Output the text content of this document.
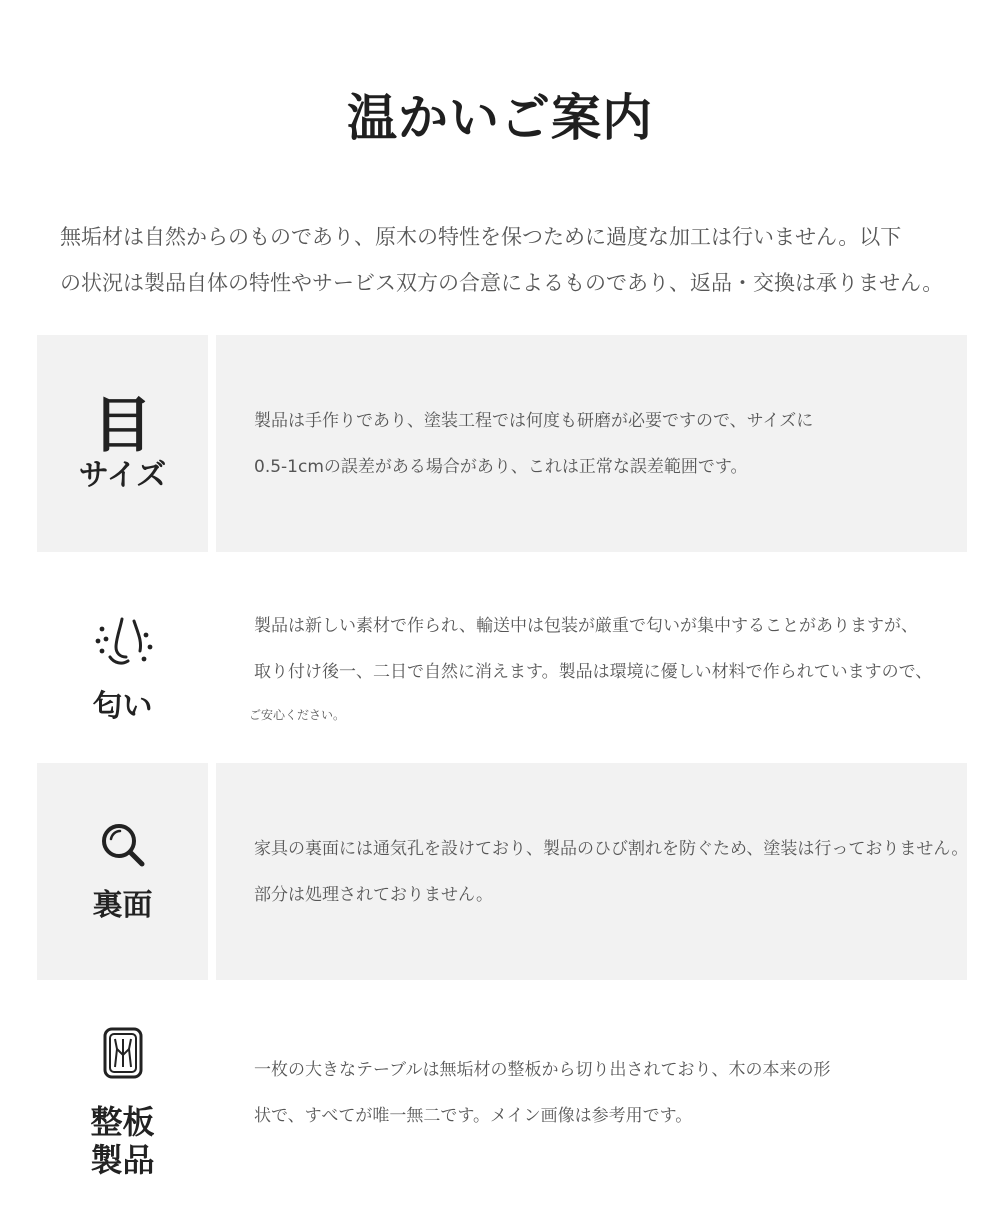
温かいご案内

無垢材は自然からのものであり、原木の特性を保つために過度な加工は行いません。以下

の状況は製品自体の特性やサービス双方の合意によるものであり、返品・交換は承りません。

目
サイズ

製品は手作りであり、塗装工程では何度も研磨が必要ですので、サイズに

0.5-1cmの誤差がある場合があり、これは正常な誤差範囲です。

匂い

製品は新しい素材で作られ、輸送中は包装が厳重で匂いが集中することがありますが、

取り付け後一、二日で自然に消えます。製品は環境に優しい材料で作られていますので、

ご安心ください。

裏面

家具の裏面には通気孔を設けており、製品のひび割れを防ぐため、塗装は行っておりません。

部分は処理されておりません。

整板
製品

一枚の大きなテーブルは無垢材の整板から切り出されており、木の本来の形

状で、すべてが唯一無二です。メイン画像は参考用です。
